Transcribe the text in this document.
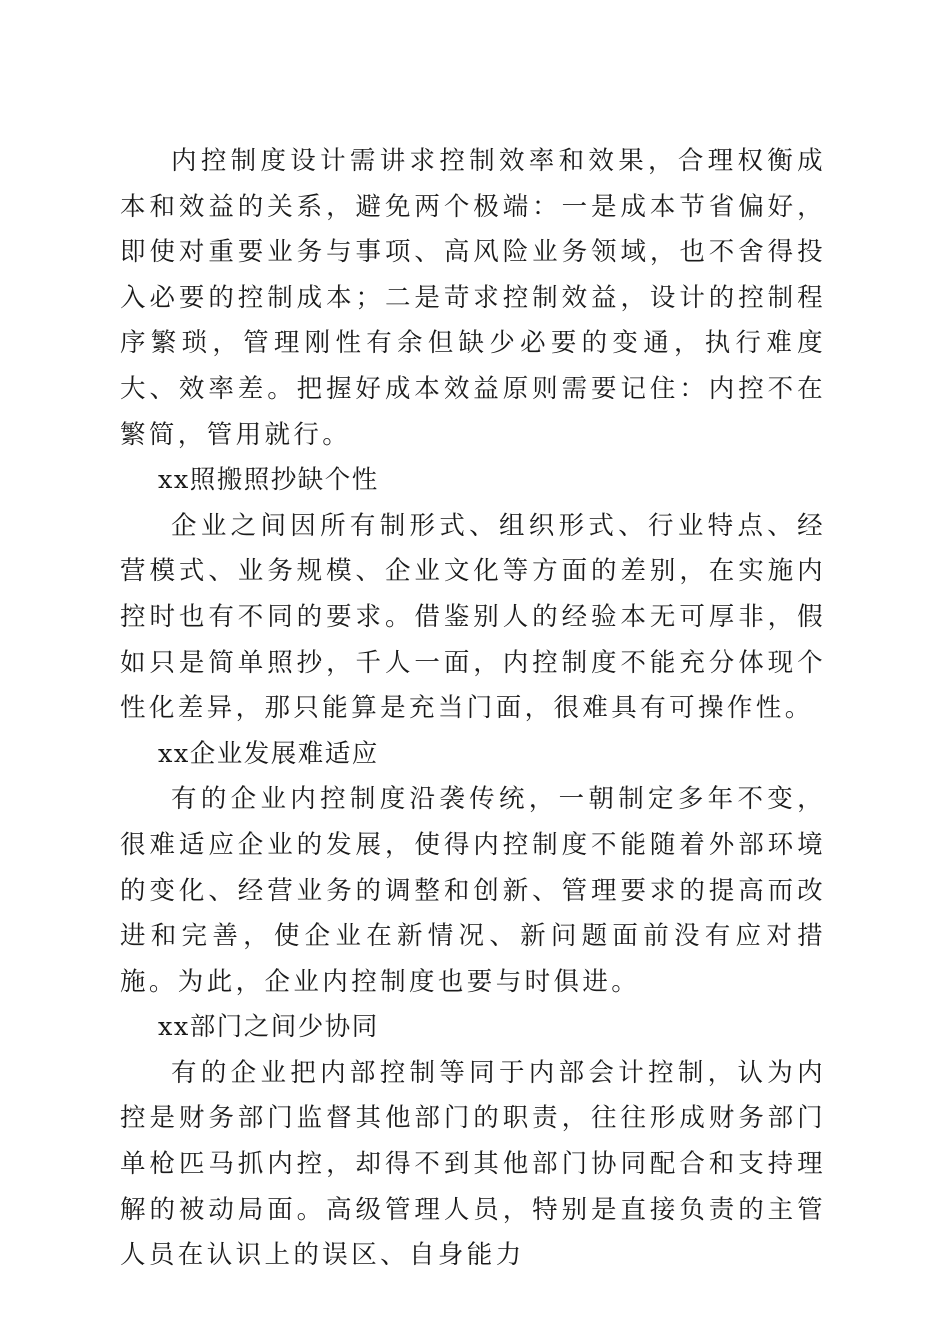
内控制度设计需讲求控制效率和效果，合理权衡成本和效益的关系，避免两个极端：一是成本节省偏好，即使对重要业务与事项、高风险业务领域，也不舍得投入必要的控制成本；二是苛求控制效益，设计的控制程序繁琐，管理刚性有余但缺少必要的变通，执行难度大、效率差。把握好成本效益原则需要记住：内控不在繁简，管用就行。

xx照搬照抄缺个性

企业之间因所有制形式、组织形式、行业特点、经营模式、业务规模、企业文化等方面的差别，在实施内控时也有不同的要求。借鉴别人的经验本无可厚非，假如只是简单照抄，千人一面，内控制度不能充分体现个性化差异，那只能算是充当门面，很难具有可操作性。

xx企业发展难适应

有的企业内控制度沿袭传统，一朝制定多年不变，很难适应企业的发展，使得内控制度不能随着外部环境的变化、经营业务的调整和创新、管理要求的提高而改进和完善，使企业在新情况、新问题面前没有应对措施。为此，企业内控制度也要与时俱进。

xx部门之间少协同

有的企业把内部控制等同于内部会计控制，认为内控是财务部门监督其他部门的职责，往往形成财务部门单枪匹马抓内控，却得不到其他部门协同配合和支持理解的被动局面。高级管理人员，特别是直接负责的主管人员在认识上的误区、自身能力
